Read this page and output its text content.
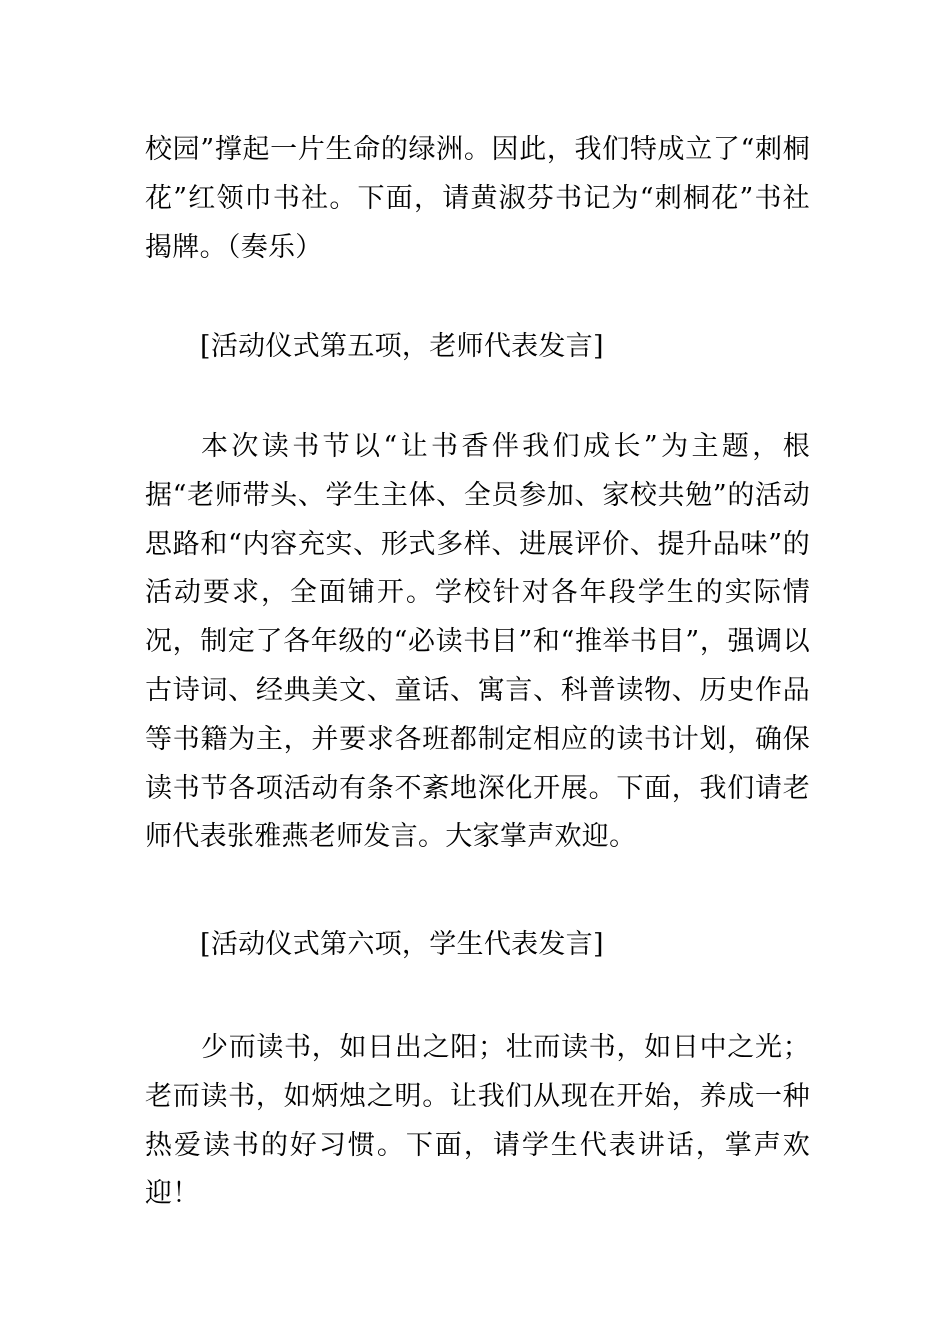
校园”撑起一片生命的绿洲。因此，我们特成立了“刺桐花”红领巾书社。下面，请黄淑芬书记为“刺桐花”书社揭牌。（奏乐）

[活动仪式第五项，老师代表发言]

本次读书节以“让书香伴我们成长”为主题，根据“老师带头、学生主体、全员参加、家校共勉”的活动思路和“内容充实、形式多样、进展评价、提升品味”的活动要求，全面铺开。学校针对各年段学生的实际情况，制定了各年级的“必读书目”和“推举书目”，强调以古诗词、经典美文、童话、寓言、科普读物、历史作品等书籍为主，并要求各班都制定相应的读书计划，确保读书节各项活动有条不紊地深化开展。下面，我们请老师代表张雅燕老师发言。大家掌声欢迎。

[活动仪式第六项，学生代表发言]

少而读书，如日出之阳；壮而读书，如日中之光；老而读书，如炳烛之明。让我们从现在开始，养成一种热爱读书的好习惯。下面，请学生代表讲话，掌声欢迎！
